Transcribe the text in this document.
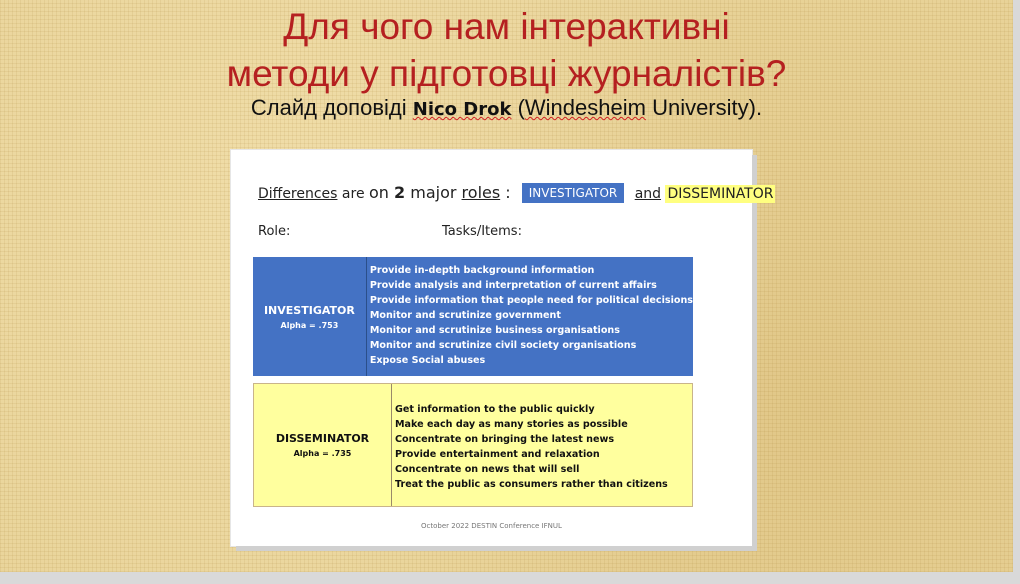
Для чого нам інтерактивні
методи у підготовці журналістів?
Слайд доповіді Nico Drok (Windesheim University).
Differences are on 2 major roles : INVESTIGATOR and DISSEMINATOR
Role:	Tasks/Items:
INVESTIGATOR
Alpha = .753
Provide in-depth background information
Provide analysis and interpretation of current affairs
Provide information that people need for political decisions
Monitor and scrutinize government
Monitor and scrutinize business organisations
Monitor and scrutinize civil society organisations
Expose Social abuses
DISSEMINATOR
Alpha = .735
Get information to the public quickly
Make each day as many stories as possible
Concentrate on bringing the latest news
Provide entertainment and relaxation
Concentrate on news that will sell
Treat the public as consumers rather than citizens
October 2022 DESTIN Conference IFNUL
